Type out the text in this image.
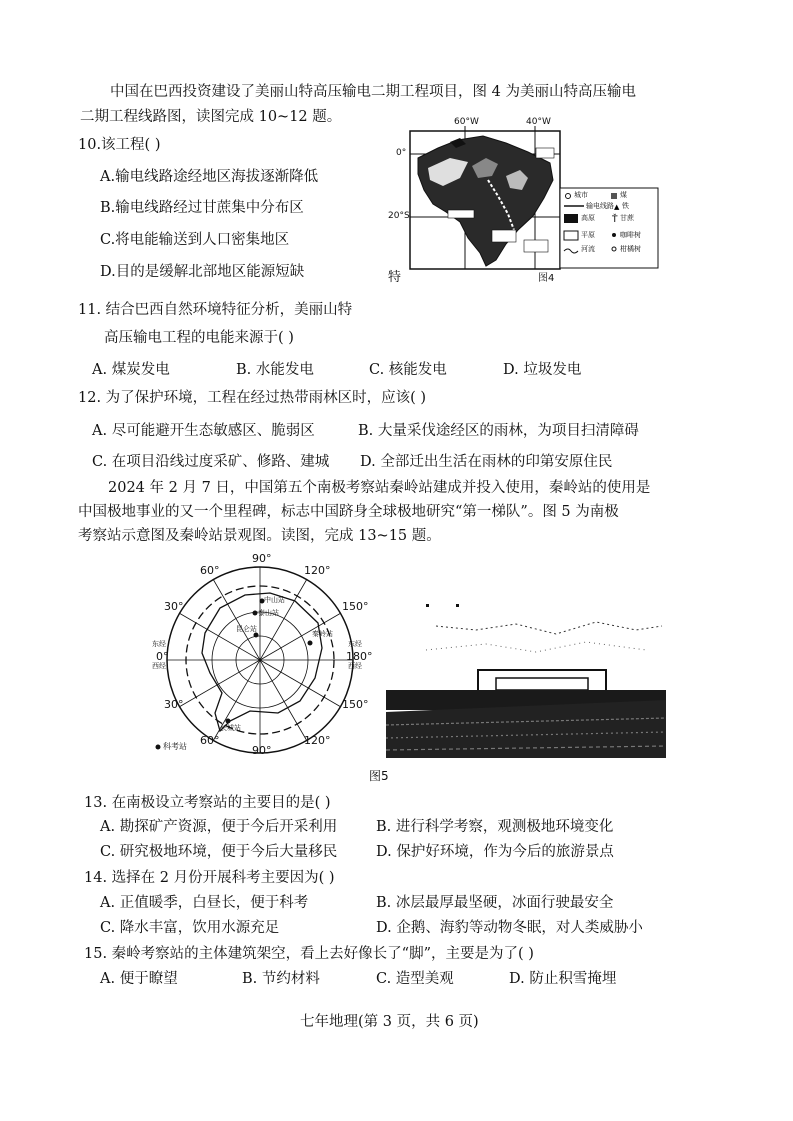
中国在巴西投资建设了美丽山特高压输电二期工程项目，图 4 为美丽山特高压输电
二期工程线路图，读图完成 10~12 题。
10.该工程( )
A.输电线路途经地区海拔逐渐降低
B.输电线路经过甘蔗集中分布区
C.将电能输送到人口密集地区
D.目的是缓解北部地区能源短缺
▲
Ť
60°W	40°W
0°
20°S
特	图4
城市	煤
输电线路 铁
高原	甘蔗
平原	咖啡树
河流	柑橘树
11. 结合巴西自然环境特征分析，美丽山特
高压输电工程的电能来源于( )
A. 煤炭发电	B. 水能发电	C. 核能发电	D. 垃圾发电
12. 为了保护环境，工程在经过热带雨林区时，应该( )
A. 尽可能避开生态敏感区、脆弱区	B. 大量采伐途经区的雨林，为项目扫清障碍
C. 在项目沿线过度采矿、修路、建城 D. 全部迁出生活在雨林的印第安原住民
2024 年 2 月 7 日，中国第五个南极考察站秦岭站建成并投入使用，秦岭站的使用是
中国极地事业的又一个里程碑，标志中国跻身全球极地研究“第一梯队”。图 5 为南极
考察站示意图及秦岭站景观图。读图，完成 13~15 题。
90°
60°	120°
30°	150°
东经
0°
西经
东经
180°
西经
30°	150°
60°	120°
90°
中山站
泰山站
昆仑站
秦岭站
长城站
科考站
图5
13. 在南极设立考察站的主要目的是( )
A. 勘探矿产资源，便于今后开采利用	B. 进行科学考察，观测极地环境变化
C. 研究极地环境，便于今后大量移民	D. 保护好环境，作为今后的旅游景点
14. 选择在 2 月份开展科考主要因为( )
A. 正值暖季，白昼长，便于科考	B. 冰层最厚最坚硬，冰面行驶最安全
C. 降水丰富，饮用水源充足	D. 企鹅、海豹等动物冬眠，对人类威胁小
15. 秦岭考察站的主体建筑架空，看上去好像长了“脚”，主要是为了( )
A. 便于瞭望	B. 节约材料	C. 造型美观	D. 防止积雪掩埋
七年地理(第 3 页，共 6 页)
